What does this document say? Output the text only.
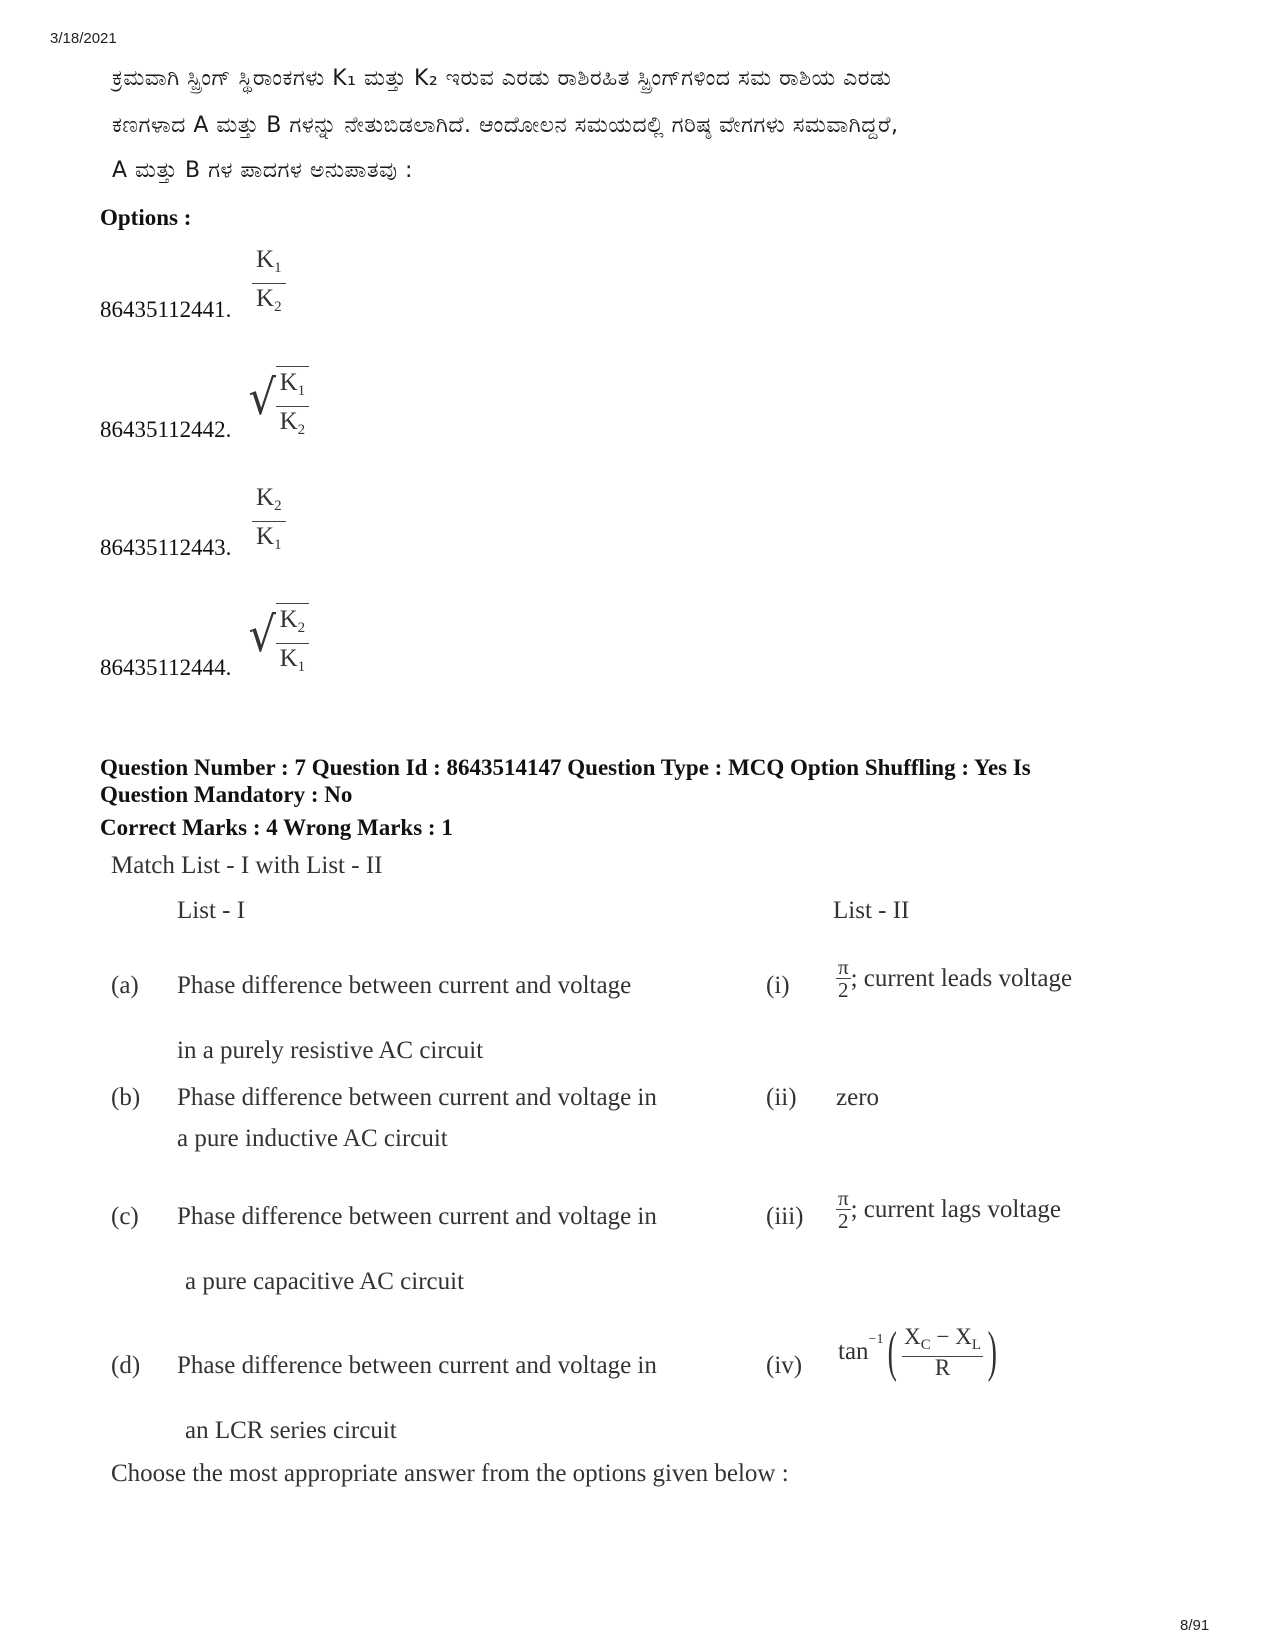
3/18/2021
ಕ್ರಮವಾಗಿ ಸ್ಪ್ರಿಂಗ್ ಸ್ಥಿರಾಂಕಗಳು K₁ ಮತ್ತು K₂ ಇರುವ ಎರಡು ರಾಶಿರಹಿತ ಸ್ಪ್ರಿಂಗ್‌ಗಳಿಂದ ಸಮ ರಾಶಿಯ ಎರಡು
ಕಣಗಳಾದ A ಮತ್ತು B ಗಳನ್ನು ನೇತುಬಿಡಲಾಗಿದೆ. ಆಂದೋಲನ ಸಮಯದಲ್ಲಿ ಗರಿಷ್ಠ ವೇಗಗಳು ಸಮವಾಗಿದ್ದರೆ,
A ಮತ್ತು B ಗಳ ಪಾದಗಳ ಅನುಪಾತವು :
Options :
86435112441. $\frac{K_1}{K_2}$
86435112442.
√ $\frac{K_1}{K_2}$
86435112443. $\frac{K_2}{K_1}$
86435112444.
√ $\frac{K_2}{K_1}$
Question Number : 7 Question Id : 8643514147 Question Type : MCQ Option Shuffling : Yes Is
Question Mandatory : No
Correct Marks : 4 Wrong Marks : 1
Match List - I with List - II
List - I	List - II
(a) Phase difference between current and voltage
in a purely resistive AC circuit
$(i) \frac{\pi}{2}$ ; current leads voltage
(b) Phase difference between current and voltage in
a pure inductive AC circuit
(ii) zero
(c) Phase difference between current and voltage in
a pure capacitive AC circuit
$(iii) \frac{\pi}{2}$ ; current lags voltage
(d) Phase difference between current and voltage in
an LCR series circuit
(iv)
$\tan^{-1}$ ( $\frac{X_C - X_L}{R}$ )
Choose the most appropriate answer from the options given below :
8/91
